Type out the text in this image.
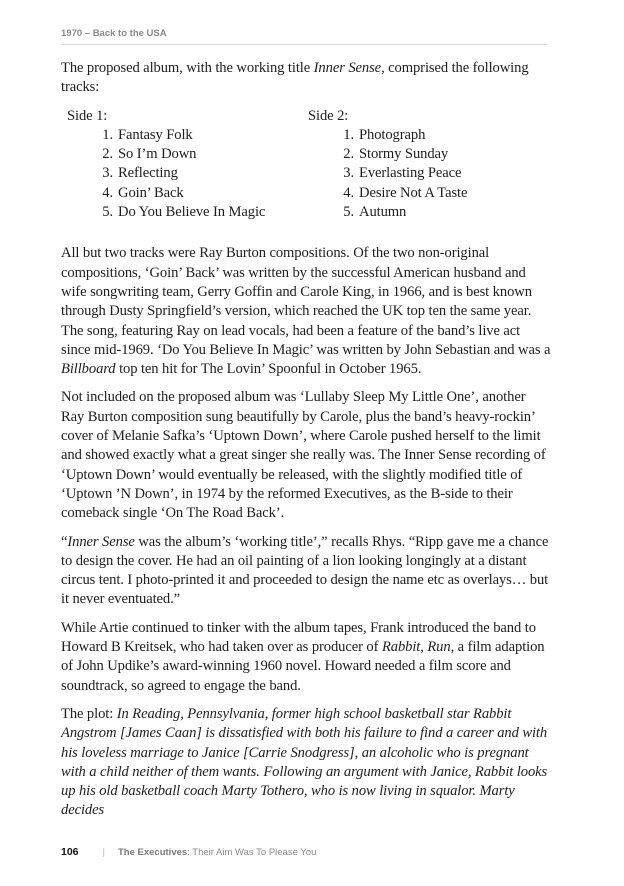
1970 – Back to the USA

The proposed album, with the working title Inner Sense, comprised the following tracks:

Side 1:
1. Fantasy Folk
2. So I’m Down
3. Reflecting
4. Goin’ Back
5. Do You Believe In Magic
Side 2:
1. Photograph
2. Stormy Sunday
3. Everlasting Peace
4. Desire Not A Taste
5. Autumn

All but two tracks were Ray Burton compositions. Of the two non-original compositions, ‘Goin’ Back’ was written by the successful American husband and wife songwriting team, Gerry Goffin and Carole King, in 1966, and is best known through Dusty Springfield’s version, which reached the UK top ten the same year. The song, featuring Ray on lead vocals, had been a feature of the band’s live act since mid-1969. ‘Do You Believe In Magic’ was written by John Sebastian and was a Billboard top ten hit for The Lovin’ Spoonful in October 1965.

Not included on the proposed album was ‘Lullaby Sleep My Little One’, another Ray Burton composition sung beautifully by Carole, plus the band’s heavy-rockin’ cover of Melanie Safka’s ‘Uptown Down’, where Carole pushed herself to the limit and showed exactly what a great singer she really was. The Inner Sense recording of ‘Uptown Down’ would eventually be released, with the slightly modified title of ‘Uptown ’N Down’, in 1974 by the reformed Executives, as the B-side to their comeback single ‘On The Road Back’.

“Inner Sense was the album’s ‘working title’,” recalls Rhys. “Ripp gave me a chance to design the cover. He had an oil painting of a lion looking longingly at a distant circus tent. I photo-printed it and proceeded to design the name etc as overlays… but it never eventuated.”

While Artie continued to tinker with the album tapes, Frank introduced the band to Howard B Kreitsek, who had taken over as producer of Rabbit, Run, a film adaption of John Updike’s award-winning 1960 novel. Howard needed a film score and soundtrack, so agreed to engage the band.

The plot: In Reading, Pennsylvania, former high school basketball star Rabbit Angstrom [James Caan] is dissatisfied with both his failure to find a career and with his loveless marriage to Janice [Carrie Snodgress], an alcoholic who is pregnant with a child neither of them wants. Following an argument with Janice, Rabbit looks up his old basketball coach Marty Tothero, who is now living in squalor. Marty decides

106	| The Executives: Their Aim Was To Please You
